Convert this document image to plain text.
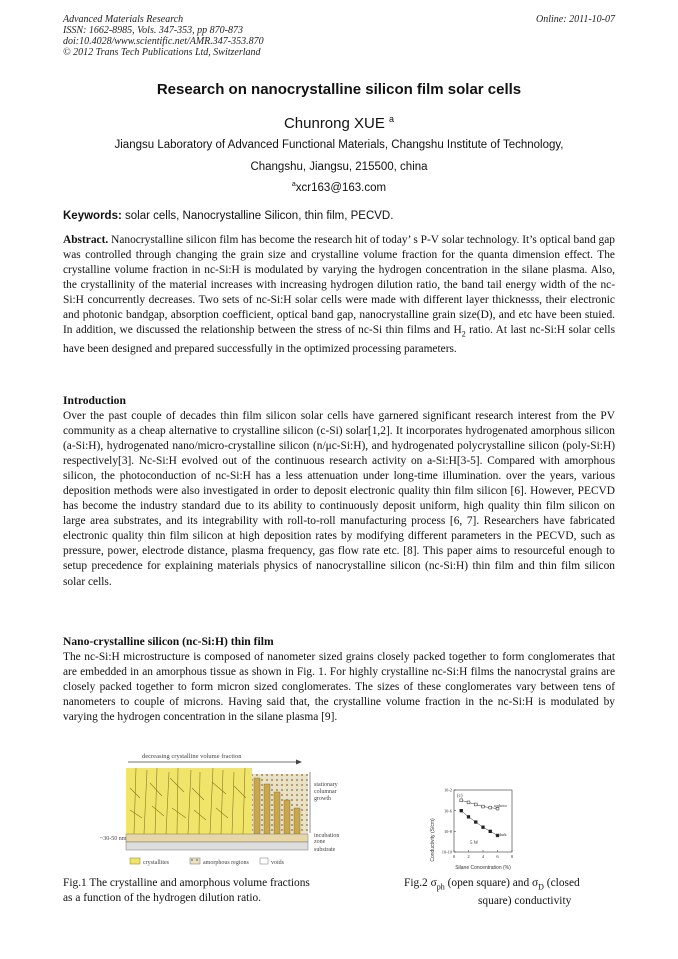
Advanced Materials Research
ISSN: 1662-8985, Vols. 347-353, pp 870-873
doi:10.4028/www.scientific.net/AMR.347-353.870
© 2012 Trans Tech Publications Ltd, Switzerland
Online: 2011-10-07
Research on nanocrystalline silicon film solar cells
Chunrong XUE $^a$
Jiangsu Laboratory of Advanced Functional Materials, Changshu Institute of Technology,
Changshu, Jiangsu, 215500, china
$^a$xcr163@163.com
Keywords: solar cells, Nanocrystalline Silicon, thin film, PECVD.

Abstract. Nanocrystalline silicon film has become the research hit of today’ s P-V solar technology. It’s optical band gap was controlled through changing the grain size and crystalline volume fraction for the quanta dimension effect. The crystalline volume fraction in nc-Si:H is modulated by varying the hydrogen concentration in the silane plasma. Also, the crystallinity of the material increases with increasing hydrogen dilution ratio, the band tail energy width of the nc-Si:H concurrently decreases. Two sets of nc-Si:H solar cells were made with different layer thicknesss, their electronic and photonic bandgap, absorption coefficient, optical band gap, nanocrystalline grain size(D), and etc have been stuied. In addition, we discussed the relationship between the stress of nc-Si thin films and $H_2$ ratio. At last nc-Si:H solar cells have been designed and prepared successfully in the optimized processing parameters.

Introduction

Over the past couple of decades thin film silicon solar cells have garnered significant research interest from the PV community as a cheap alternative to crystalline silicon (c-Si) solar[1,2]. It incorporates hydrogenated amorphous silicon (a-Si:H), hydrogenated nano/micro-crystalline silicon (n/μc-Si:H), and hydrogenated polycrystalline silicon (poly-Si:H) respectively[3]. Nc-Si:H evolved out of the continuous research activity on a-Si:H[3-5]. Compared with amorphous silicon, the photoconduction of nc-Si:H has a less attenuation under long-time illumination. over the years, various deposition methods were also investigated in order to deposit electronic quality thin film silicon [6]. However, PECVD has become the industry standard due to its ability to continuously deposit uniform, high quality thin film silicon on large area substrates, and its integrability with roll-to-roll manufacturing process [6, 7]. Researchers have fabricated electronic quality thin film silicon at high deposition rates by modifying different parameters in the PECVD, such as pressure, power, electrode distance, plasma frequency, gas flow rate etc. [8]. This paper aims to resourceful enough to setup precedence for explaining materials physics of nanocrystalline silicon (nc-Si:H) thin film and thin film silicon solar cells.

Nano-crystalline silicon (nc-Si:H) thin film

The nc-Si:H microstructure is composed of nanometer sized grains closely packed together to form conglomerates that are embedded in an amorphous tissue as shown in Fig. 1. For highly crystalline nc-Si:H films the nanocrystal grains are closely packed together to form micron sized conglomerates. The sizes of these conglomerates vary between tens of nanometers to couple of microns. Having said that, the crystalline volume fraction in the nc-Si:H is modulated by varying the hydrogen concentration in the silane plasma [9].

decreasing crystalline volume fraction
stationary
columnar
growth
incubation
zone
substrate
~30-50 nm
crystallites	amorphous regions	voids
Conductivity (S/cm)
(c)
10-2
10-6
10-8
10-10
0	2	4	6	8
σphoto
σdark
5 W
Silane Concentration (%)
Fig.1 The crystalline and amorphous volume fractions
as a function of the hydrogen dilution ratio.
Fig.2 $\sigma_{ph}$ (open square) and $\sigma_D$ (closed
square) conductivity
